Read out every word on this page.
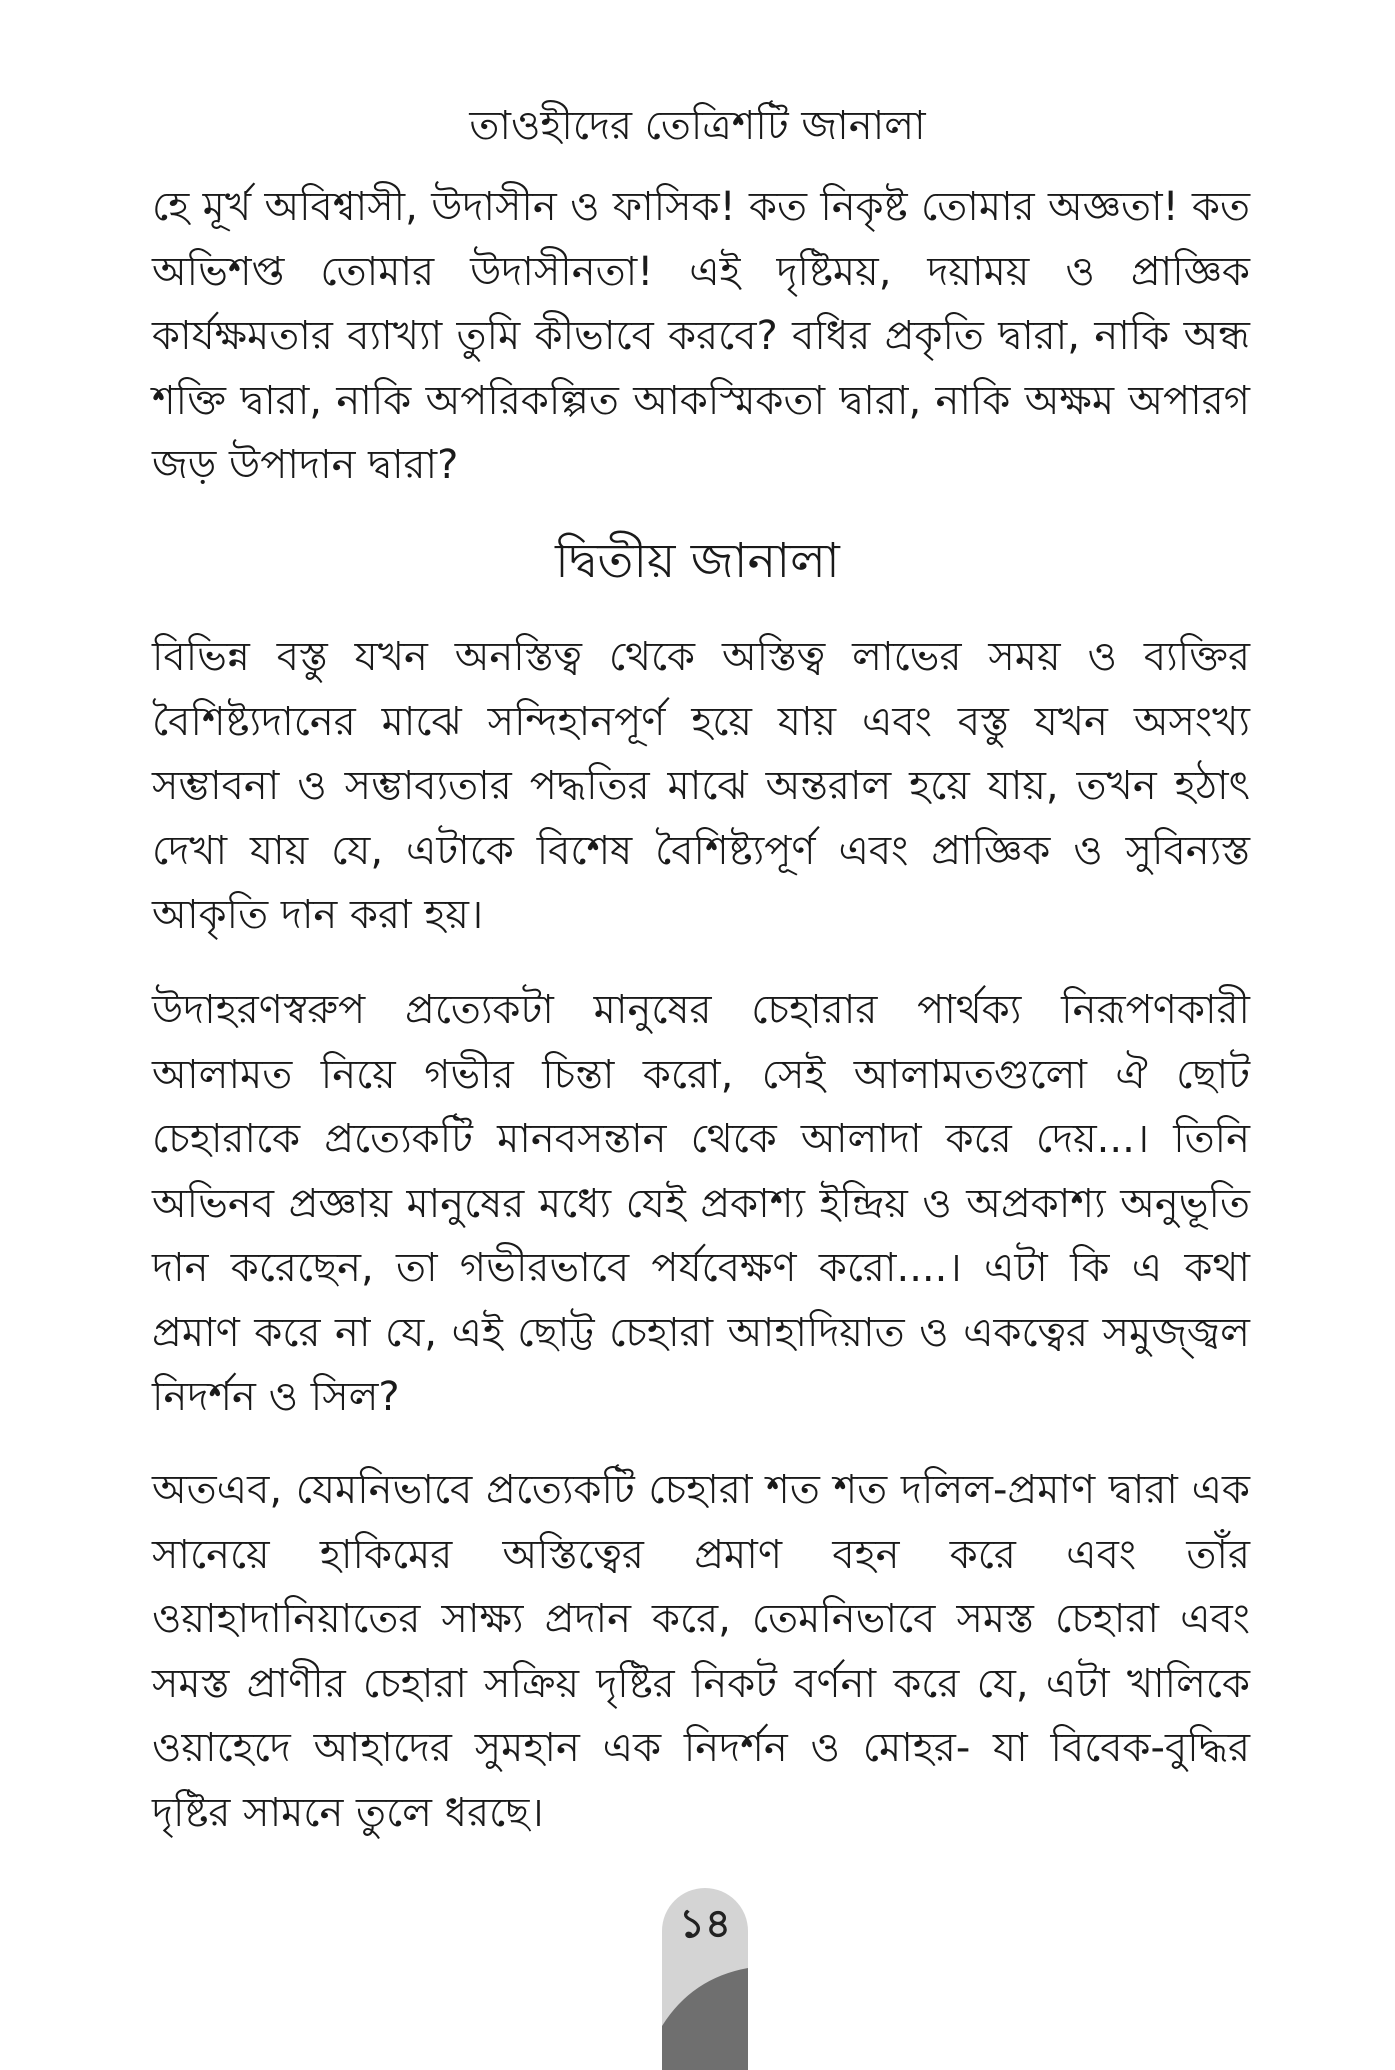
তাওহীদের তেত্রিশটি জানালা

হে মূর্খ অবিশ্বাসী, উদাসীন ও ফাসিক! কত নিকৃষ্ট তোমার অজ্ঞতা! কত অভিশপ্ত তোমার উদাসীনতা! এই দৃষ্টিময়, দয়াময় ও প্রাজ্ঞিক কার্যক্ষমতার ব্যাখ্যা তুমি কীভাবে করবে? বধির প্রকৃতি দ্বারা, নাকি অন্ধ শক্তি দ্বারা, নাকি অপরিকল্পিত আকস্মিকতা দ্বারা, নাকি অক্ষম অপারগ জড় উপাদান দ্বারা?

দ্বিতীয় জানালা

বিভিন্ন বস্তু যখন অনস্তিত্ব থেকে অস্তিত্ব লাভের সময় ও ব্যক্তির বৈশিষ্ট্যদানের মাঝে সন্দিহানপূর্ণ হয়ে যায় এবং বস্তু যখন অসংখ্য সম্ভাবনা ও সম্ভাব্যতার পদ্ধতির মাঝে অন্তরাল হয়ে যায়, তখন হঠাৎ দেখা যায় যে, এটাকে বিশেষ বৈশিষ্ট্যপূর্ণ এবং প্রাজ্ঞিক ও সুবিন্যস্ত আকৃতি দান করা হয়।

উদাহরণস্বরুপ প্রত্যেকটা মানুষের চেহারার পার্থক্য নিরূপণকারী আলামত নিয়ে গভীর চিন্তা করো, সেই আলামতগুলো ঐ ছোট চেহারাকে প্রত্যেকটি মানবসন্তান থেকে আলাদা করে দেয়...। তিনি অভিনব প্রজ্ঞায় মানুষের মধ্যে যেই প্রকাশ্য ইন্দ্রিয় ও অপ্রকাশ্য অনুভূতি দান করেছেন, তা গভীরভাবে পর্যবেক্ষণ করো....। এটা কি এ কথা প্রমাণ করে না যে, এই ছোট্ট চেহারা আহাদিয়াত ও একত্বের সমুজ্জ্বল নিদর্শন ও সিল?

অতএব, যেমনিভাবে প্রত্যেকটি চেহারা শত শত দলিল-প্রমাণ দ্বারা এক সানেয়ে হাকিমের অস্তিত্বের প্রমাণ বহন করে এবং তাঁর ওয়াহাদানিয়াতের সাক্ষ্য প্রদান করে, তেমনিভাবে সমস্ত চেহারা এবং সমস্ত প্রাণীর চেহারা সক্রিয় দৃষ্টির নিকট বর্ণনা করে যে, এটা খালিকে ওয়াহেদে আহাদের সুমহান এক নিদর্শন ও মোহর- যা বিবেক-বুদ্ধির দৃষ্টির সামনে তুলে ধরছে।

১৪
